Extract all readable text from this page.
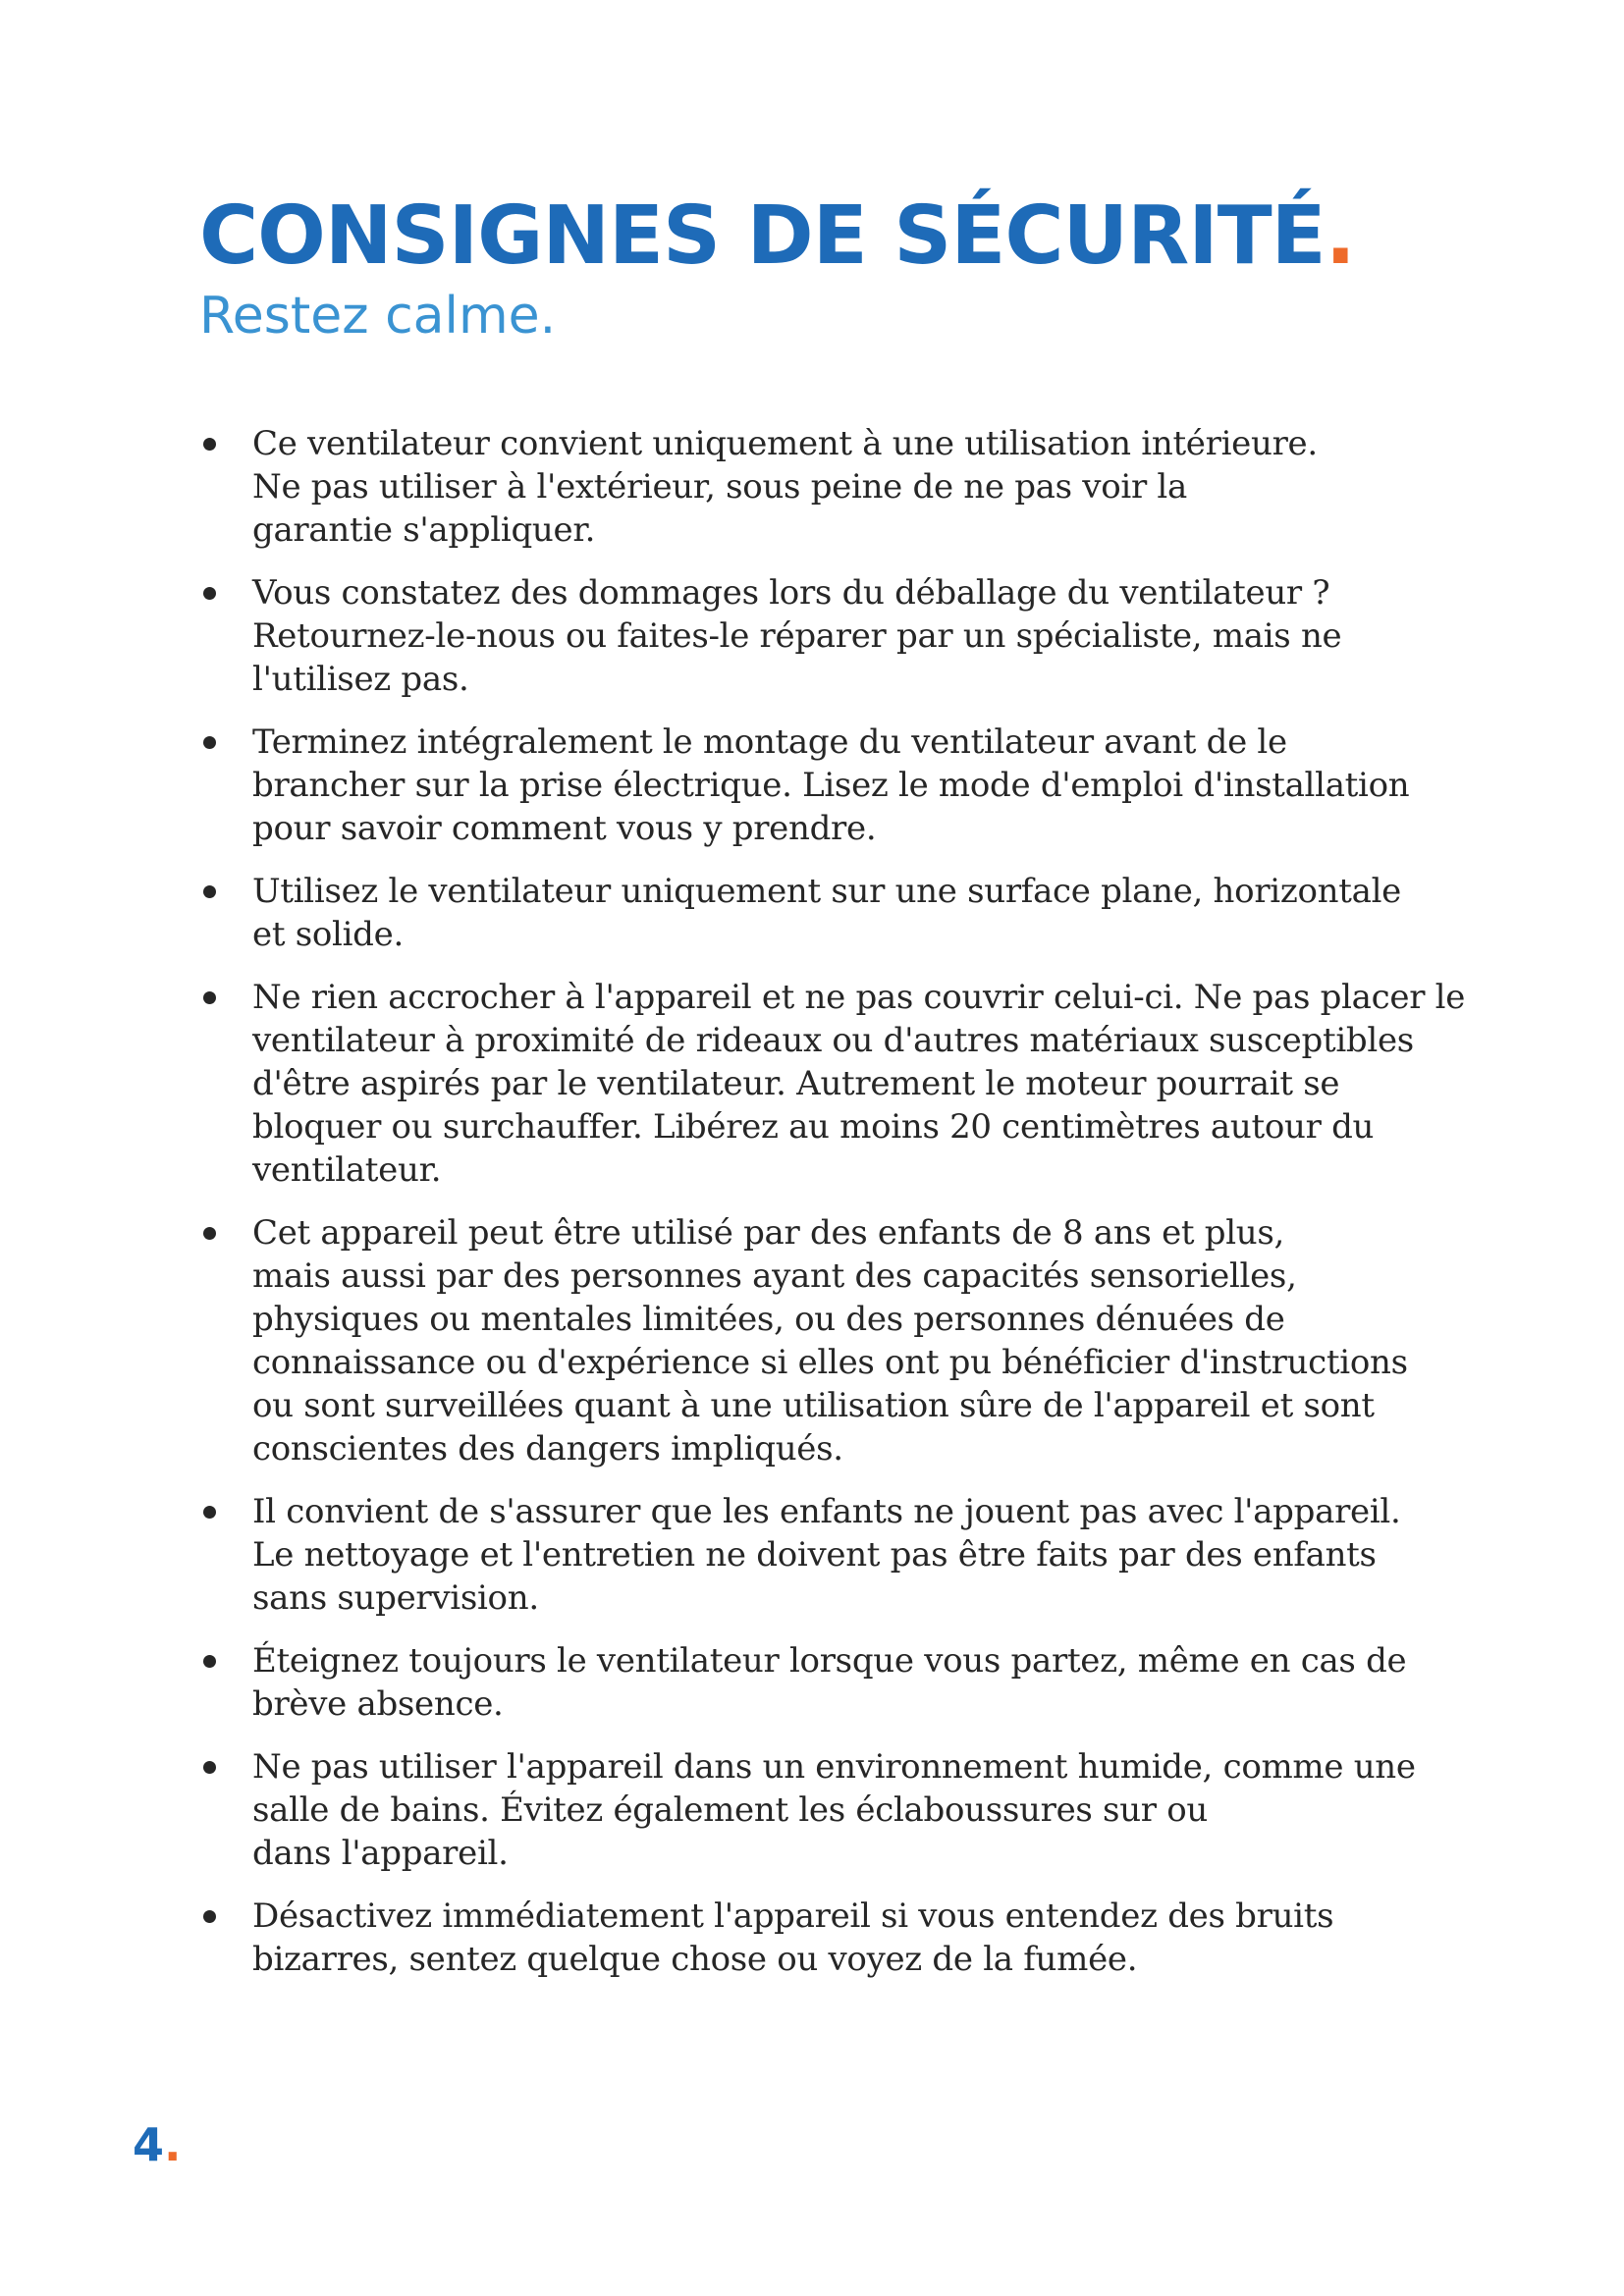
CONSIGNES DE SÉCURITÉ.
Restez calme.
Ce ventilateur convient uniquement à une utilisation intérieure.
Ne pas utiliser à l'extérieur, sous peine de ne pas voir la
garantie s'appliquer.
Vous constatez des dommages lors du déballage du ventilateur ?
Retournez-le-nous ou faites-le réparer par un spécialiste, mais ne
l'utilisez pas.
Terminez intégralement le montage du ventilateur avant de le
brancher sur la prise électrique. Lisez le mode d'emploi d'installation
pour savoir comment vous y prendre.
Utilisez le ventilateur uniquement sur une surface plane, horizontale
et solide.
Ne rien accrocher à l'appareil et ne pas couvrir celui-ci. Ne pas placer le
ventilateur à proximité de rideaux ou d'autres matériaux susceptibles
d'être aspirés par le ventilateur. Autrement le moteur pourrait se
bloquer ou surchauffer. Libérez au moins 20 centimètres autour du
ventilateur.
Cet appareil peut être utilisé par des enfants de 8 ans et plus,
mais aussi par des personnes ayant des capacités sensorielles,
physiques ou mentales limitées, ou des personnes dénuées de
connaissance ou d'expérience si elles ont pu bénéficier d'instructions
ou sont surveillées quant à une utilisation sûre de l'appareil et sont
conscientes des dangers impliqués.
Il convient de s'assurer que les enfants ne jouent pas avec l'appareil.
Le nettoyage et l'entretien ne doivent pas être faits par des enfants
sans supervision.
Éteignez toujours le ventilateur lorsque vous partez, même en cas de
brève absence.
Ne pas utiliser l'appareil dans un environnement humide, comme une
salle de bains. Évitez également les éclaboussures sur ou
dans l'appareil.
Désactivez immédiatement l'appareil si vous entendez des bruits
bizarres, sentez quelque chose ou voyez de la fumée.
4.
